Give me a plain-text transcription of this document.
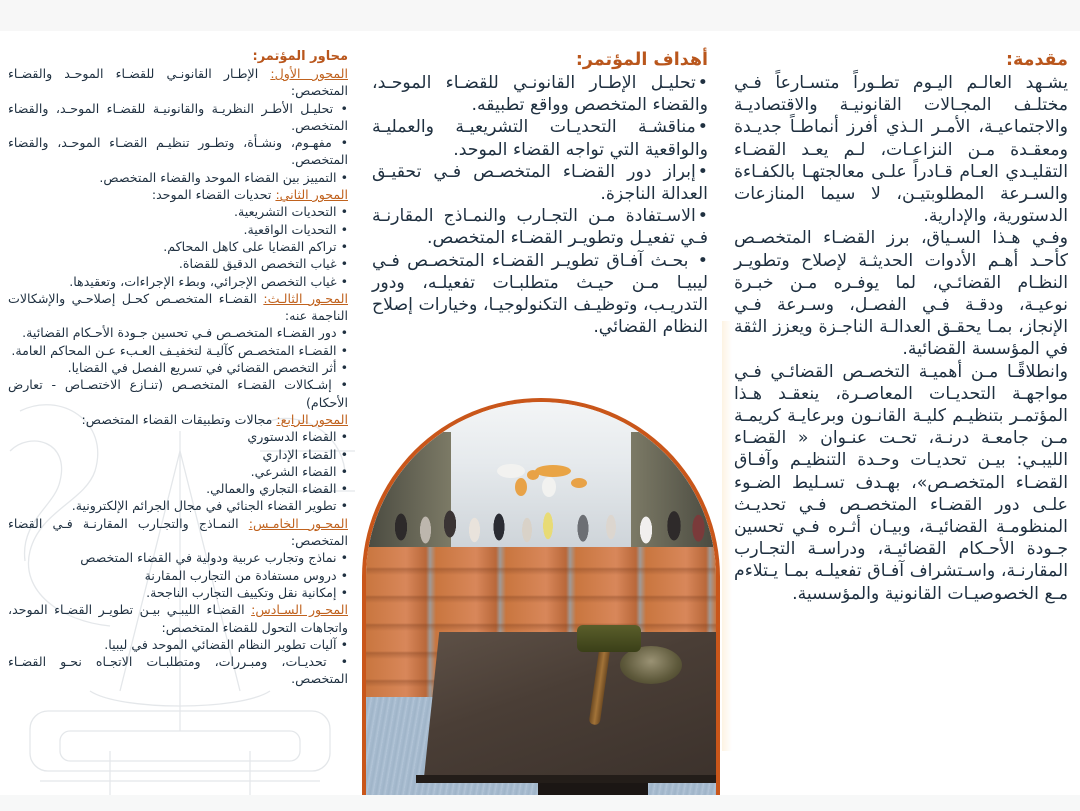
مقدمة:
يشـهد العالـم اليـوم تطـوراً متسـارعاً فـي مختلـف المجـالات القانونيـة والاقتصاديـة والاجتماعيـة، الأمـر الـذي أفرز أنماطـاً جديـدة ومعقـدة مـن النزاعـات، لـم يعـد القضـاء التقليـدي العـام قـادراً علـى معالجتهـا بالكفـاءة والسـرعة المطلوبتيـن، لا سيما المنازعات الدستورية، والإدارية.
وفـي هـذا السـياق، برز القضـاء المتخصـص كأحـد أهـم الأدوات الحديثـة لإصلاح وتطويـر النظـام القضائـي، لما يوفـره مـن خبـرة نوعيـة، ودقـة فـي الفصـل، وسـرعة فـي الإنجاز، بمـا يحقـق العدالـة الناجـزة ويعزز الثقة في المؤسسة القضائية.
وانطلاقًـا مـن أهميـة التخصـص القضائـي فـي مواجهـة التحديـات المعاصـرة، ينعقـد هـذا المؤتمـر بتنظيـم كليـة القانـون وبرعايـة كريمـة مـن جامعـة درنـة، تحـت عنـوان « القضـاء الليبـي: بيـن تحديـات وحـدة التنظيـم وآفـاق القضـاء المتخصـص»، بهـدف تسـليط الضـوء علـى دور القضـاء المتخصـص فـي تحديـث المنظومـة القضائيـة، وبيـان أثـره فـي تحسين جـودة الأحـكام القضائيـة، ودراسـة التجـارب المقارنـة، واسـتشراف آفـاق تفعيلـه بمـا يـتلاءم مـع الخصوصيـات القانونية والمؤسسية.
أهداف المؤتمر:
• تحليـل الإطـار القانونـي للقضـاء الموحـد، والقضاء المتخصص وواقع تطبيقه.
• مناقشـة التحديـات التشريعيـة والعمليـة والواقعية التي تواجه القضاء الموحد.
• إبراز دور القضـاء المتخصـص فـي تحقيـق العدالة الناجزة.
• الاسـتفادة مـن التجـارب والنمـاذج المقارنـة فـي تفعيـل وتطويـر القضـاء المتخصص.
• بحـث آفـاق تطويـر القضـاء المتخصـص فـي ليبيـا مـن حيـث متطلبـات تفعيلـه، ودور التدريـب، وتوظيـف التكنولوجيـا، وخيارات إصلاح النظام القضائي.
محاور المؤتمر:
المحور الأول: الإطـار القانونـي للقضـاء الموحـد والقضـاء المتخصص:
• تحليـل الأطـر النظريـة والقانونيـة للقضـاء الموحـد، والقضاء المتخصص.
• مفهـوم، ونشـأة، وتطـور تنظيـم القضـاء الموحـد، والقضاء المتخصص.
• التمييز بين القضاء الموحد والقضاء المتخصص.
المحور الثاني: تحديات القضاء الموحد:
• التحديات التشريعية.
• التحديات الواقعية.
• تراكم القضايا على كاهل المحاكم.
• غياب التخصص الدقيق للقضاة.
• غياب التخصص الإجرائي، وبطء الإجراءات، وتعقيدها.
المحـور الثالـث: القضـاء المتخصـص كحـل إصلاحـي والإشكالات الناجمة عنه:
• دور القضـاء المتخصـص فـي تحسين جـودة الأحـكام القضائية.
• القضـاء المتخصـص كآليـة لتخفيـف العـبء عـن المحاكم العامة.
• أثر التخصص القضائي في تسريع الفصل في القضايا.
• إشـكالات القضـاء المتخصـص (تنـازع الاختصـاص - تعارض الأحكام)
المحور الرابع: مجالات وتطبيقات القضاء المتخصص:
• القضاء الدستوري
• القضاء الإداري
• القضاء الشرعي.
• القضاء التجاري والعمالي.
• تطوير القضاء الجنائي في مجال الجرائم الإلكترونية.
المحـور الخامـس: النمـاذج والتجـارب المقارنـة فـي القضاء المتخصص:
• نماذج وتجارب عربية ودولية في القضاء المتخصص
• دروس مستفادة من التجارب المقارنة
• إمكانية نقل وتكييف التجارب الناجحة.
المحـور السـادس: القضـاء الليبـي بيـن تطويـر القضـاء الموحد، واتجاهات التحول للقضاء المتخصص:
• آليات تطوير النظام القضائي الموحد في ليبيا.
• تحديـات، ومبـررات، ومتطلبـات الاتجـاه نحـو القضـاء المتخصص.
